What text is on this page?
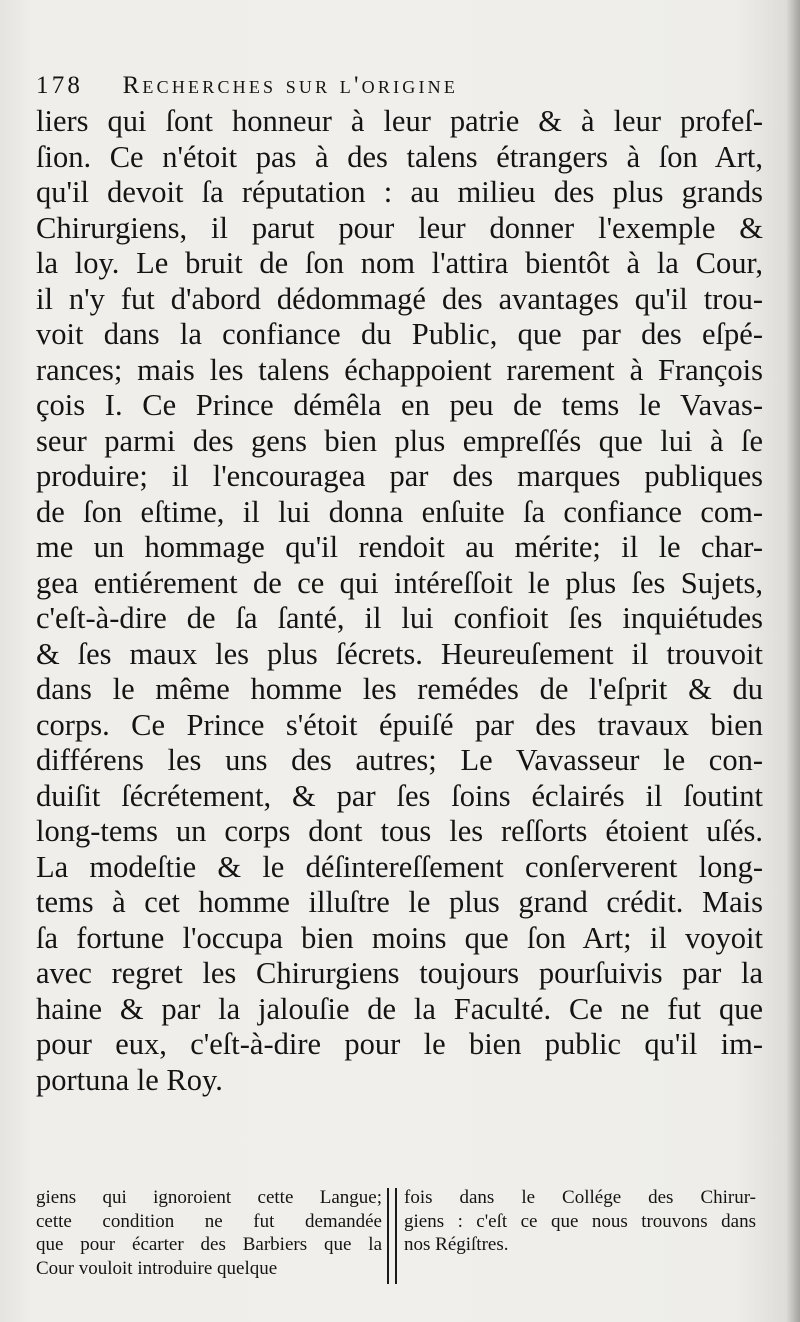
178 Recherches sur l'origine
liers qui ſont honneur à leur patrie & à leur profeſ-
ſion. Ce n'étoit pas à des talens étrangers à ſon Art,
qu'il devoit ſa réputation : au milieu des plus grands
Chirurgiens, il parut pour leur donner l'exemple &
la loy. Le bruit de ſon nom l'attira bientôt à la Cour,
il n'y fut d'abord dédommagé des avantages qu'il trou-
voit dans la confiance du Public, que par des eſpé-
rances; mais les talens échappoient rarement à François
çois I. Ce Prince démêla en peu de tems le Vavas-
seur parmi des gens bien plus empreſſés que lui à ſe
produire; il l'encouragea par des marques publiques
de ſon eſtime, il lui donna enſuite ſa confiance com-
me un hommage qu'il rendoit au mérite; il le char-
gea entiérement de ce qui intéreſſoit le plus ſes Sujets,
c'eſt-à-dire de ſa ſanté, il lui confioit ſes inquiétudes
& ſes maux les plus ſécrets. Heureuſement il trouvoit
dans le même homme les remédes de l'eſprit & du
corps. Ce Prince s'étoit épuiſé par des travaux bien
différens les uns des autres; Le Vavasseur le con-
duiſit ſécrétement, & par ſes ſoins éclairés il ſoutint
long-tems un corps dont tous les reſſorts étoient uſés.
La modeſtie & le déſintereſſement conſerverent long-
tems à cet homme illuſtre le plus grand crédit. Mais
ſa fortune l'occupa bien moins que ſon Art; il voyoit
avec regret les Chirurgiens toujours pourſuivis par la
haine & par la jalouſie de la Faculté. Ce ne fut que
pour eux, c'eſt-à-dire pour le bien public qu'il im-
portuna le Roy.
giens qui ignoroient cette Langue;
cette condition ne fut demandée
que pour écarter des Barbiers que la
Cour vouloit introduire quelque
fois dans le Collége des Chirur-
giens : c'eſt ce que nous trouvons dans
nos Régiſtres.
